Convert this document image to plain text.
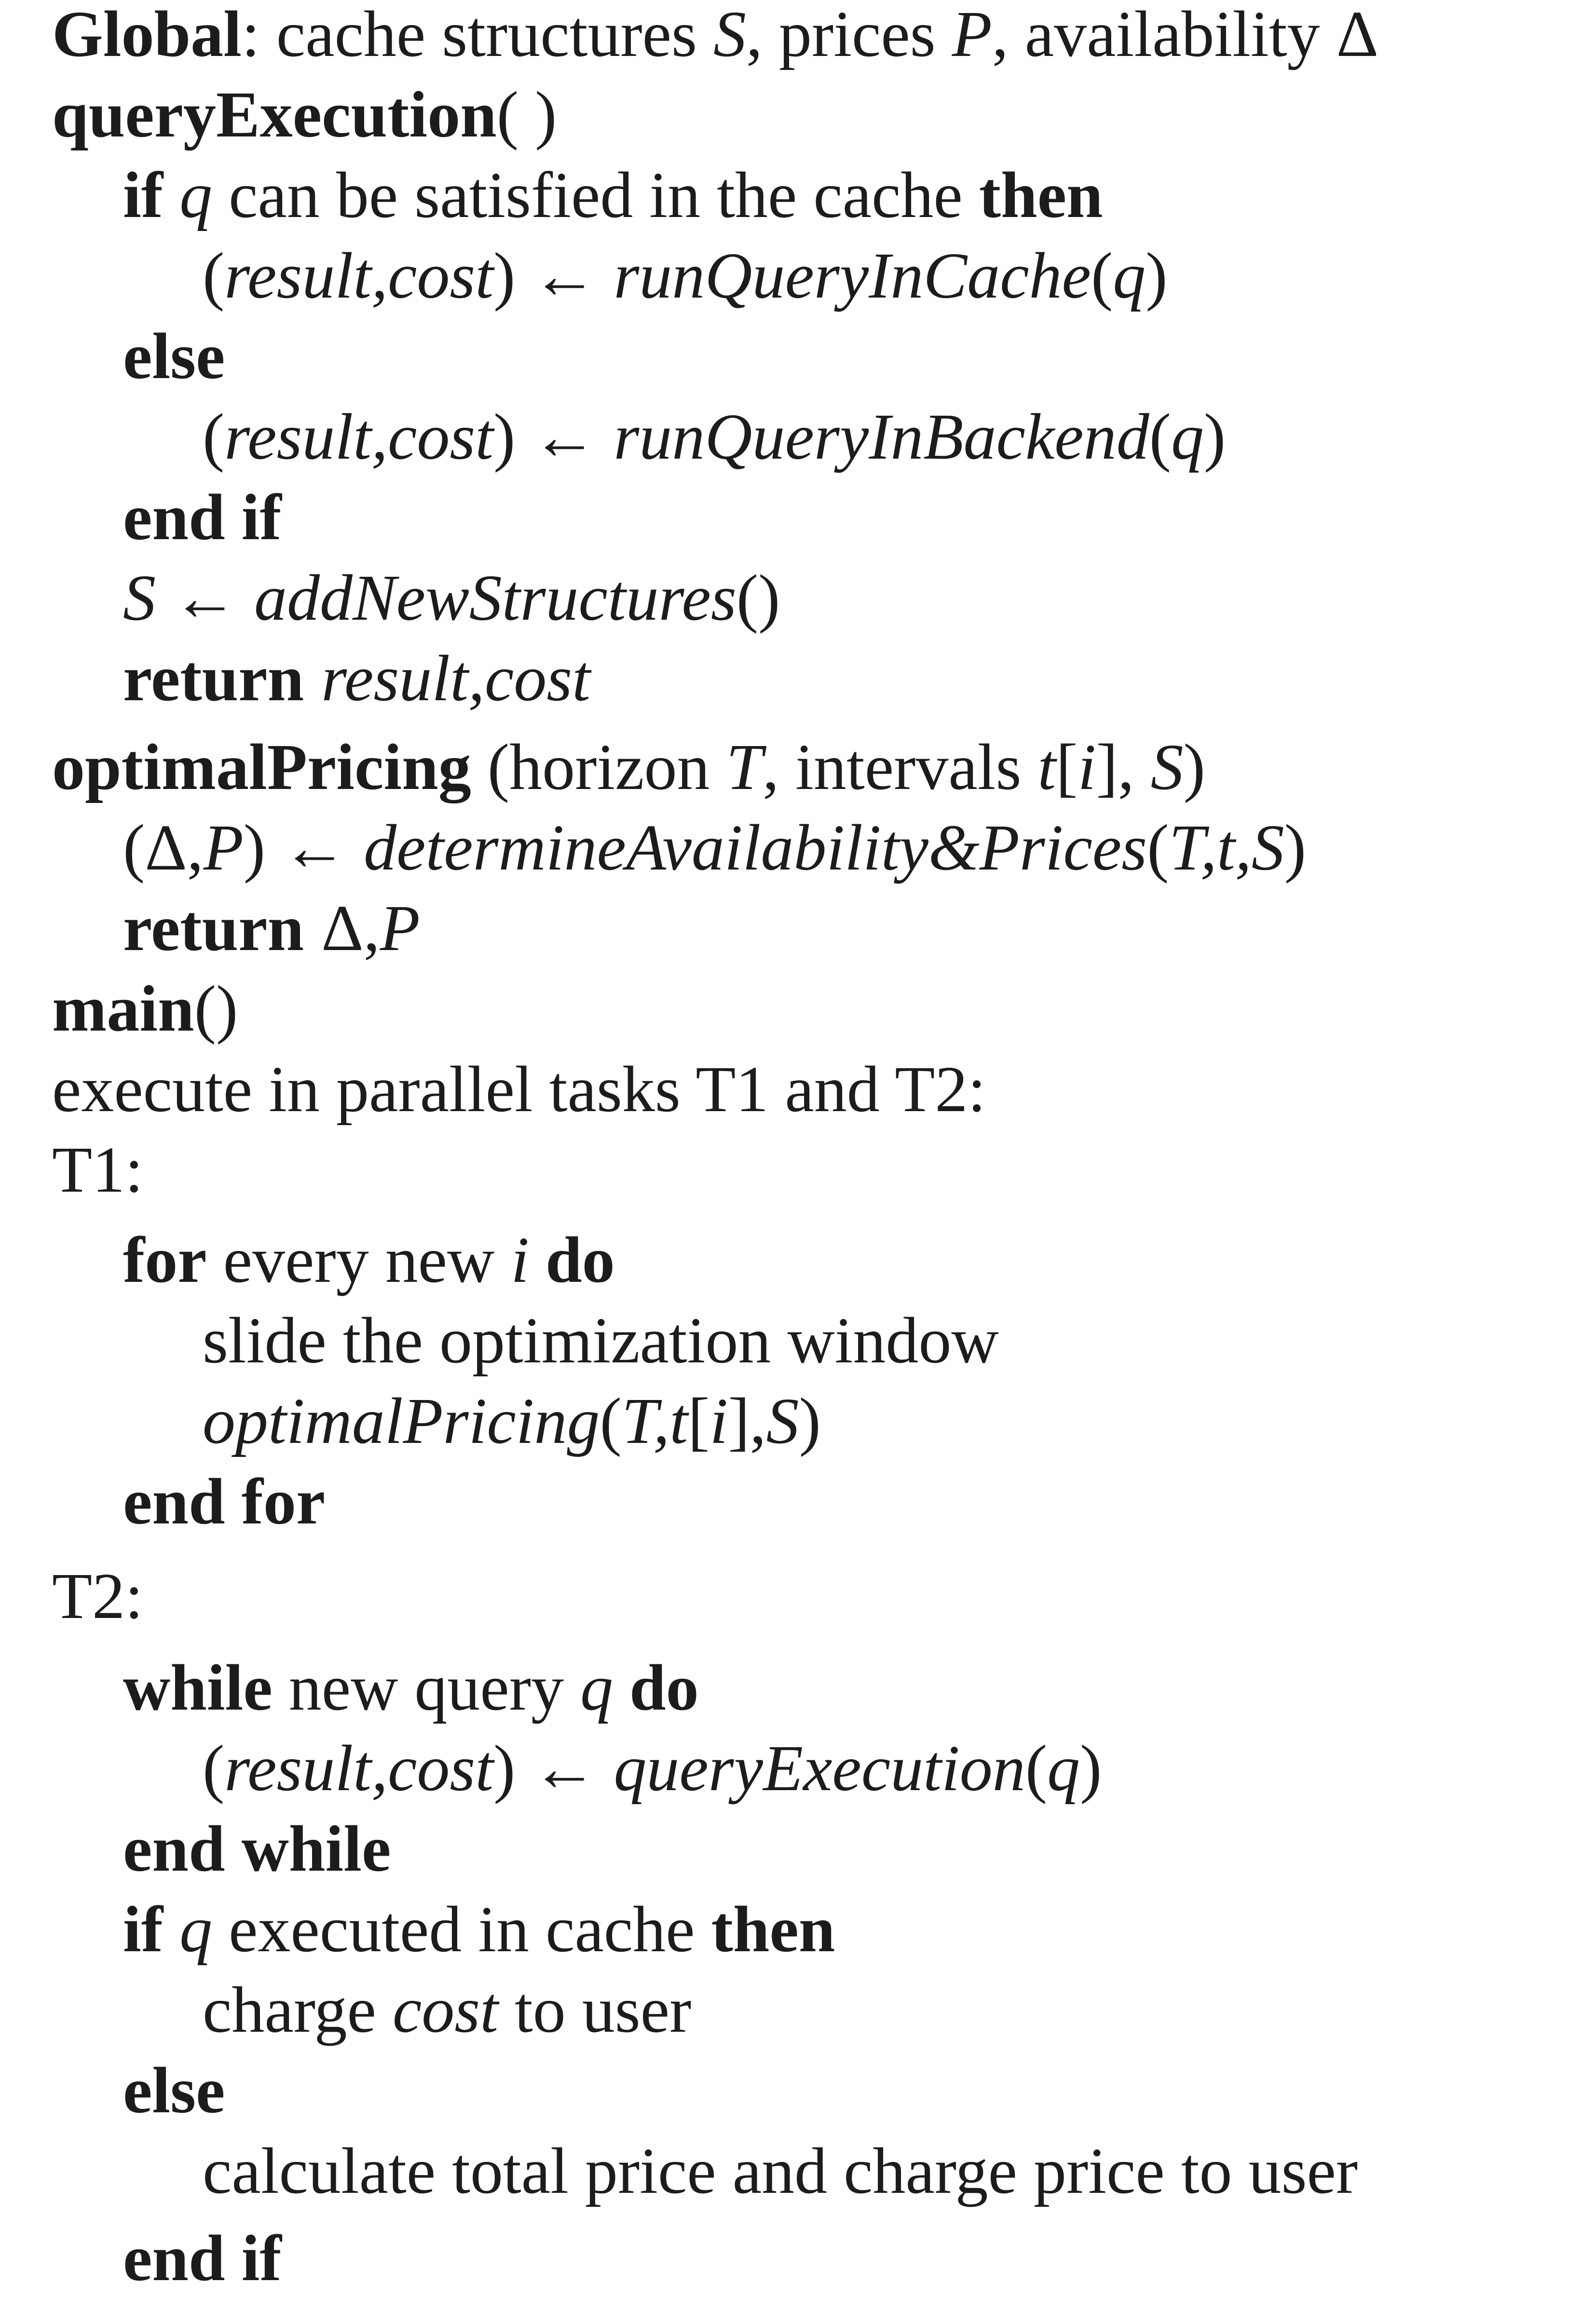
Global: cache structures S, prices P, availability Δ
queryExecution( )
if q can be satisfied in the cache then
(result,cost) ← runQueryInCache(q)
else
(result,cost) ← runQueryInBackend(q)
end if
S ← addNewStructures()
return result,cost
optimalPricing (horizon T, intervals t[i], S)
(Δ,P) ← determineAvailability&Prices(T,t,S)
return Δ,P
main()
execute in parallel tasks T1 and T2:
T1:
for every new i do
slide the optimization window
optimalPricing(T,t[i],S)
end for
T2:
while new query q do
(result,cost) ← queryExecution(q)
end while
if q executed in cache then
charge cost to user
else
calculate total price and charge price to user
end if
